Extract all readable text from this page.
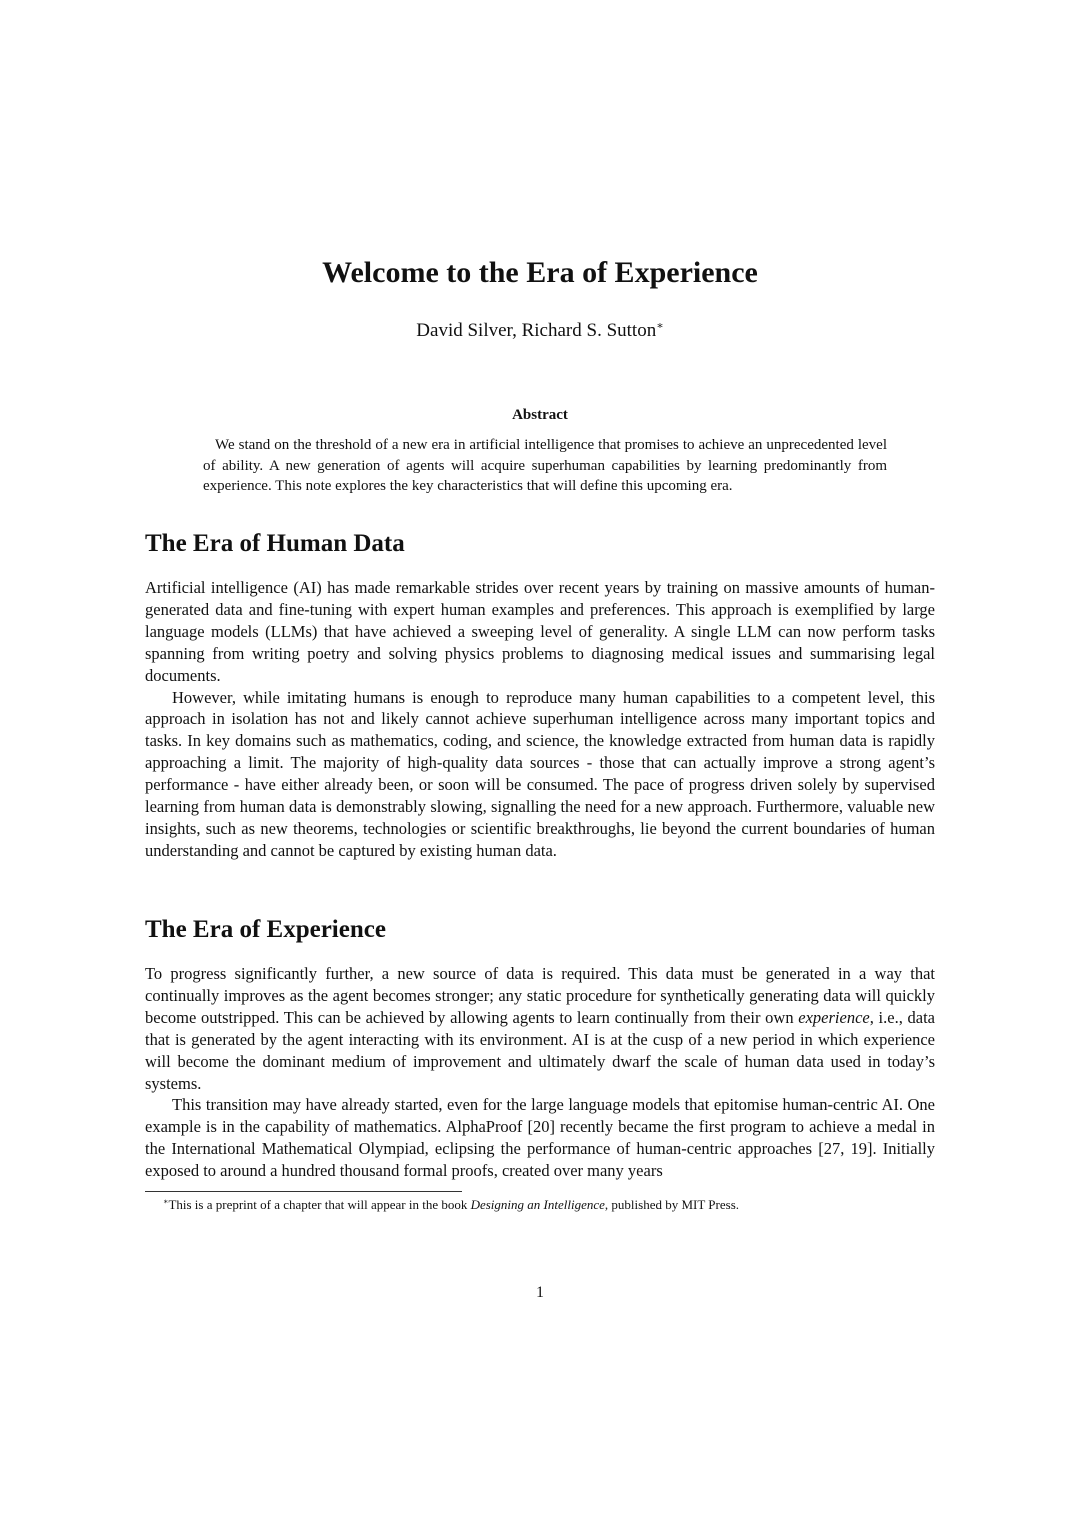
Welcome to the Era of Experience
David Silver, Richard S. Sutton∗
Abstract

We stand on the threshold of a new era in artificial intelligence that promises to achieve an unprecedented level of ability. A new generation of agents will acquire superhuman capabilities by learning predominantly from experience. This note explores the key characteristics that will define this upcoming era.

The Era of Human Data

Artificial intelligence (AI) has made remarkable strides over recent years by training on massive amounts of human-generated data and fine-tuning with expert human examples and preferences. This approach is exemplified by large language models (LLMs) that have achieved a sweeping level of generality. A single LLM can now perform tasks spanning from writing poetry and solving physics problems to diagnosing medical issues and summarising legal documents.

However, while imitating humans is enough to reproduce many human capabilities to a competent level, this approach in isolation has not and likely cannot achieve superhuman intelligence across many important topics and tasks. In key domains such as mathematics, coding, and science, the knowledge extracted from human data is rapidly approaching a limit. The majority of high-quality data sources - those that can actually improve a strong agent’s performance - have either already been, or soon will be consumed. The pace of progress driven solely by supervised learning from human data is demonstrably slowing, signalling the need for a new approach. Furthermore, valuable new insights, such as new theorems, technologies or scientific breakthroughs, lie beyond the current boundaries of human understanding and cannot be captured by existing human data.

The Era of Experience

To progress significantly further, a new source of data is required. This data must be generated in a way that continually improves as the agent becomes stronger; any static procedure for synthetically generating data will quickly become outstripped. This can be achieved by allowing agents to learn continually from their own experience, i.e., data that is generated by the agent interacting with its environment. AI is at the cusp of a new period in which experience will become the dominant medium of improvement and ultimately dwarf the scale of human data used in today’s systems.

This transition may have already started, even for the large language models that epitomise human-centric AI. One example is in the capability of mathematics. AlphaProof [20] recently became the first program to achieve a medal in the International Mathematical Olympiad, eclipsing the performance of human-centric approaches [27, 19]. Initially exposed to around a hundred thousand formal proofs, created over many years

∗This is a preprint of a chapter that will appear in the book Designing an Intelligence, published by MIT Press.

1
